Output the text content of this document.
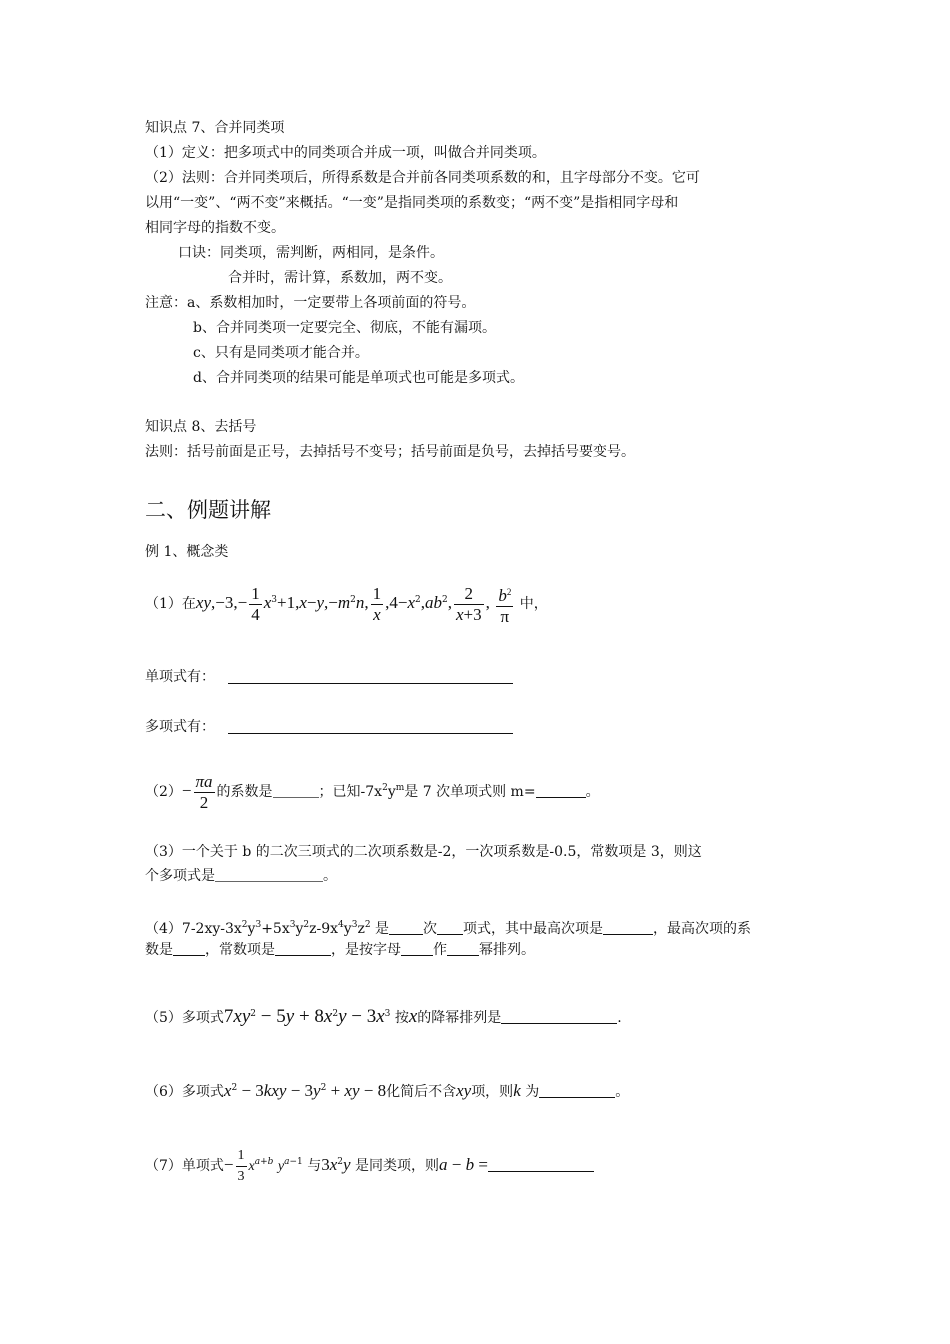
知识点 7、合并同类项
（1）定义：把多项式中的同类项合并成一项，叫做合并同类项。
（2）法则：合并同类项后，所得系数是合并前各同类项系数的和，且字母部分不变。它可
以用“一变”、“两不变”来概括。“一变”是指同类项的系数变；“两不变”是指相同字母和
相同字母的指数不变。
口诀：同类项，需判断，两相同，是条件。
合并时，需计算，系数加，两不变。
注意：a、系数相加时，一定要带上各项前面的符号。
b、合并同类项一定要完全、彻底，不能有漏项。
c、只有是同类项才能合并。
d、合并同类项的结果可能是单项式也可能是多项式。
知识点 8、去括号
法则：括号前面是正号，去掉括号不变号；括号前面是负号，去掉括号要变号。
二、例题讲解
例 1、概念类
（1）在$xy,-3,- \frac{1}{4} x^3+1,x-y,-m^2n$, $\frac{1}{x} ,4-x^2,ab^2$, $\frac{2}{x+3}$ , $\frac{b^2}{\pi}$ 中，
单项式有：
多项式有：
$(2)- \frac{\pi a}{2}$ 的系数是	；已知$-7x^2y^m$是 7 次单项式则 m=	。
（3）一个关于 b 的二次三项式的二次项系数是-2，一次项系数是-0.5，常数项是 3，则这
个多项式是	。
$(4)7-2xy-3x^2y^3+5x^3y^2z-9x^4y^3z^2$ 是 次 项式，其中最高次项是	，最高次项的系
数是 ，常数项是	，是按字母 作 幂排列。
（5）多项式$7xy^2 - 5y + 8x^2y - 3x^3$ 按x的降幂排列是	.
（6）多项式$x^2 - 3kxy - 3y^2$ + xy − 8化简后不含xy项，则k 为	。
（7）单项式− $\frac{1}{3} x^{a+b}$ $y^{a-1}$ 与$3x^2y$ 是同类项，则a − b =
